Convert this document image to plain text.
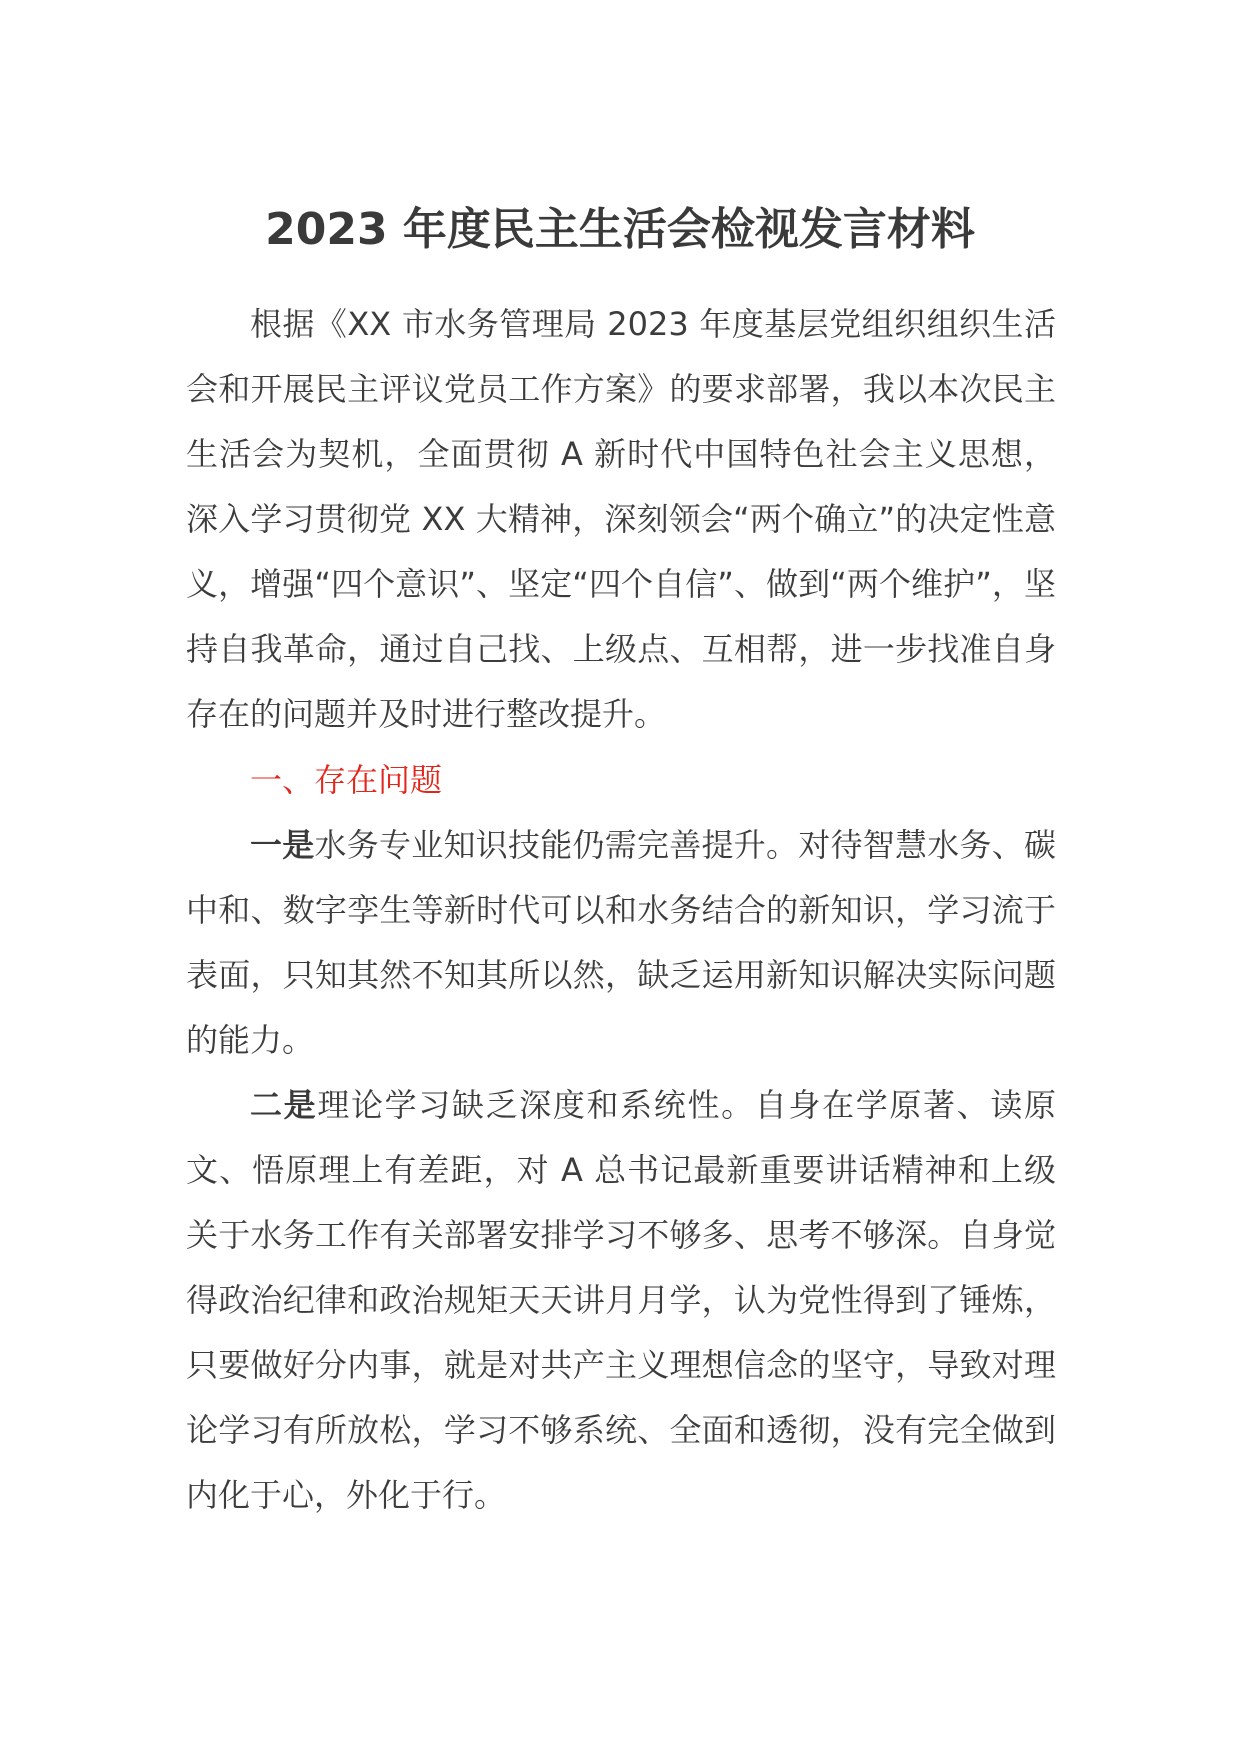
2023 年度民主生活会检视发言材料

根据《XX 市水务管理局 2023 年度基层党组织组织生活会和开展民主评议党员工作方案》的要求部署，我以本次民主生活会为契机，全面贯彻 A 新时代中国特色社会主义思想，深入学习贯彻党 XX 大精神，深刻领会“两个确立”的决定性意义，增强“四个意识”、坚定“四个自信”、做到“两个维护”，坚持自我革命，通过自己找、上级点、互相帮，进一步找准自身存在的问题并及时进行整改提升。

一、存在问题

一是水务专业知识技能仍需完善提升。对待智慧水务、碳中和、数字孪生等新时代可以和水务结合的新知识，学习流于表面，只知其然不知其所以然，缺乏运用新知识解决实际问题的能力。

二是理论学习缺乏深度和系统性。自身在学原著、读原文、悟原理上有差距，对 A 总书记最新重要讲话精神和上级关于水务工作有关部署安排学习不够多、思考不够深。自身觉得政治纪律和政治规矩天天讲月月学，认为党性得到了锤炼，只要做好分内事，就是对共产主义理想信念的坚守，导致对理论学习有所放松，学习不够系统、全面和透彻，没有完全做到内化于心，外化于行。
